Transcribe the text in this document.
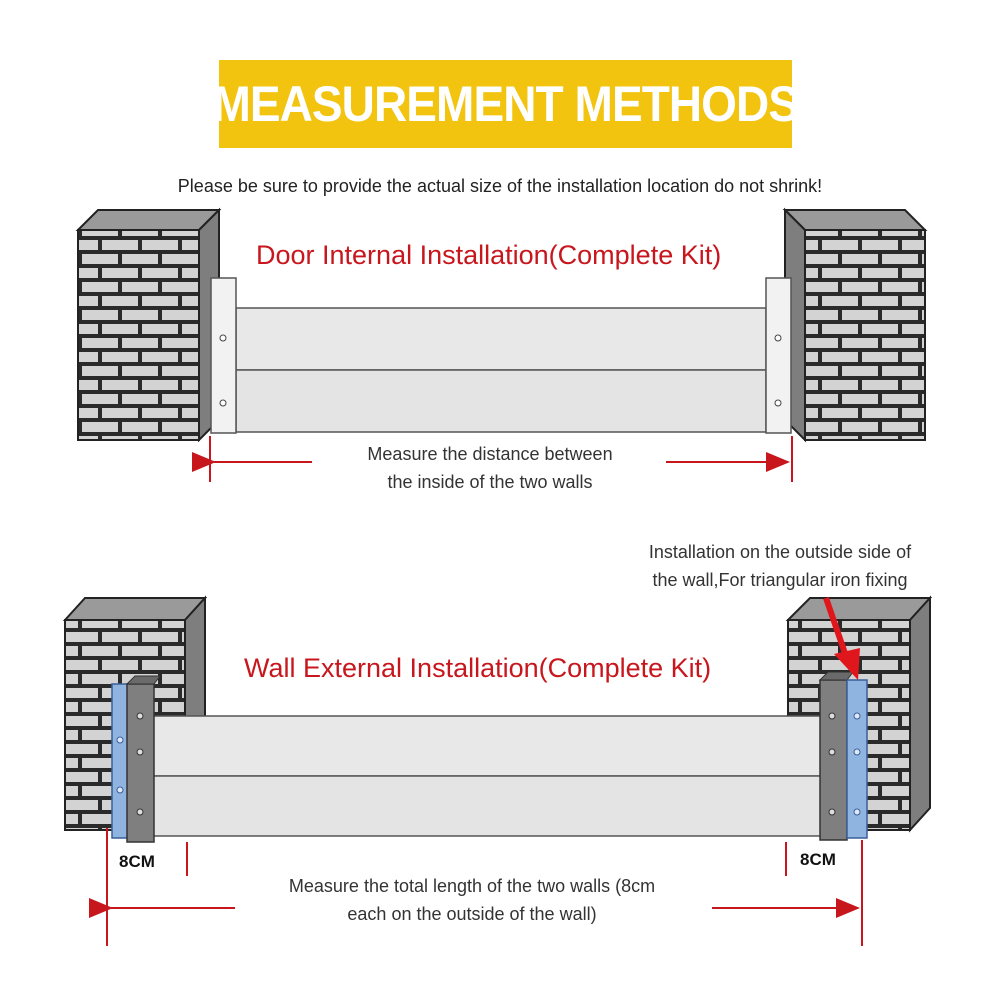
MEASUREMENT METHODS
Please be sure to provide the actual size of the installation location do not shrink!
Door Internal Installation(Complete Kit)
Measure the distance between
the inside of the two walls
Installation on the outside side of
the wall,For triangular iron fixing
Wall External Installation(Complete Kit)
8CM	8CM
Measure the total length of the two walls (8cm
each on the outside of the wall)
